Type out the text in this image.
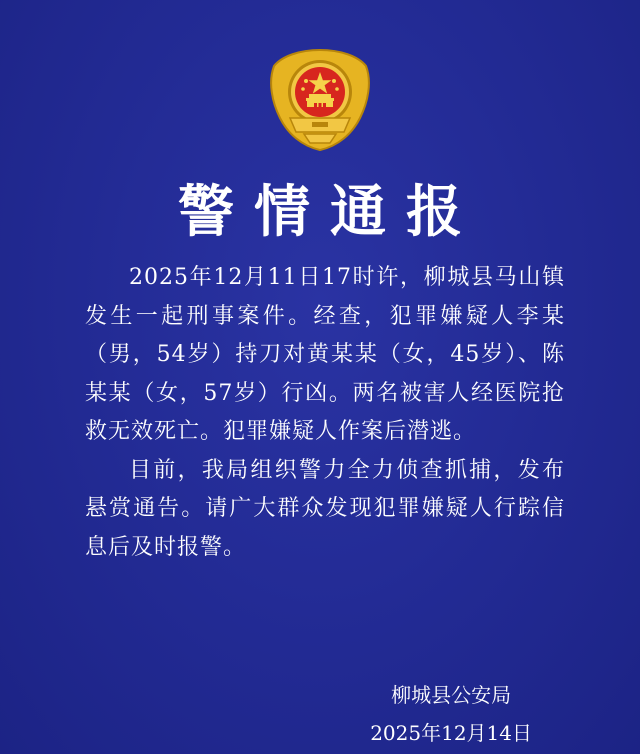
警情通报

2025年12月11日17时许，柳城县马山镇发生一起刑事案件。经查，犯罪嫌疑人李某（男，54岁）持刀对黄某某（女，45岁）、陈某某（女，57岁）行凶。两名被害人经医院抢救无效死亡。犯罪嫌疑人作案后潜逃。

目前，我局组织警力全力侦查抓捕，发布悬赏通告。请广大群众发现犯罪嫌疑人行踪信息后及时报警。

柳城县公安局
2025年12月14日
